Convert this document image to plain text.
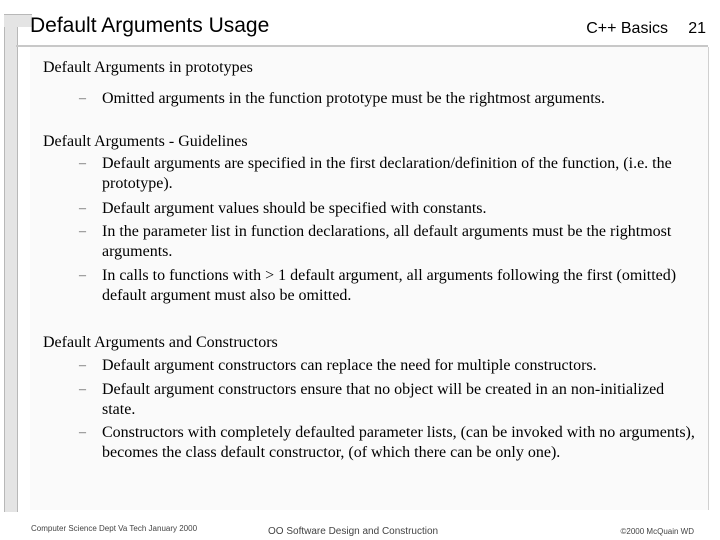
Default Arguments Usage	C++ Basics 21
Default Arguments in prototypes
– Omitted arguments in the function prototype must be the rightmost arguments.
Default Arguments - Guidelines
– Default arguments are specified in the first declaration/definition of the function, (i.e. the prototype).
– Default argument values should be specified with constants.
– In the parameter list in function declarations, all default arguments must be the rightmost arguments.
– In calls to functions with > 1 default argument, all arguments following the first (omitted) default argument must also be omitted.
Default Arguments and Constructors
– Default argument constructors can replace the need for multiple constructors.
– Default argument constructors ensure that no object will be created in an non-initialized state.
– Constructors with completely defaulted parameter lists, (can be invoked with no arguments), becomes the class default constructor, (of which there can be only one).
Computer Science Dept Va Tech January 2000	OO Software Design and Construction	©2000 McQuain WD
